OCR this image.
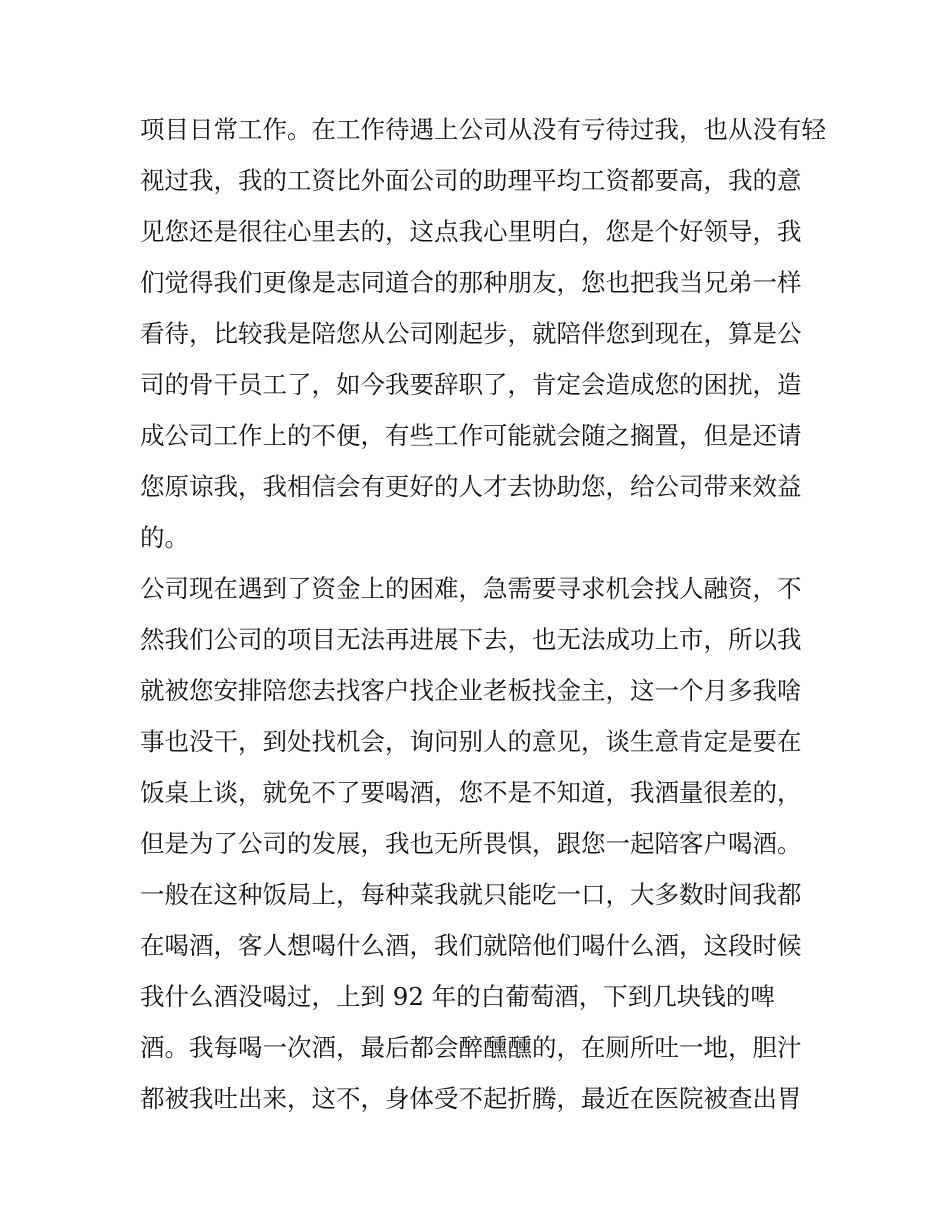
项目日常工作。在工作待遇上公司从没有亏待过我，也从没有轻
视过我，我的工资比外面公司的助理平均工资都要高，我的意
见您还是很往心里去的，这点我心里明白，您是个好领导，我
们觉得我们更像是志同道合的那种朋友，您也把我当兄弟一样
看待，比较我是陪您从公司刚起步，就陪伴您到现在，算是公
司的骨干员工了，如今我要辞职了，肯定会造成您的困扰，造
成公司工作上的不便，有些工作可能就会随之搁置，但是还请
您原谅我，我相信会有更好的人才去协助您，给公司带来效益
的。
公司现在遇到了资金上的困难，急需要寻求机会找人融资，不
然我们公司的项目无法再进展下去，也无法成功上市，所以我
就被您安排陪您去找客户找企业老板找金主，这一个月多我啥
事也没干，到处找机会，询问别人的意见，谈生意肯定是要在
饭桌上谈，就免不了要喝酒，您不是不知道，我酒量很差的，
但是为了公司的发展，我也无所畏惧，跟您一起陪客户喝酒。
一般在这种饭局上，每种菜我就只能吃一口，大多数时间我都
在喝酒，客人想喝什么酒，我们就陪他们喝什么酒，这段时候
我什么酒没喝过，上到 92 年的白葡萄酒，下到几块钱的啤
酒。我每喝一次酒，最后都会醉醺醺的，在厕所吐一地，胆汁
都被我吐出来，这不，身体受不起折腾，最近在医院被查出胃
